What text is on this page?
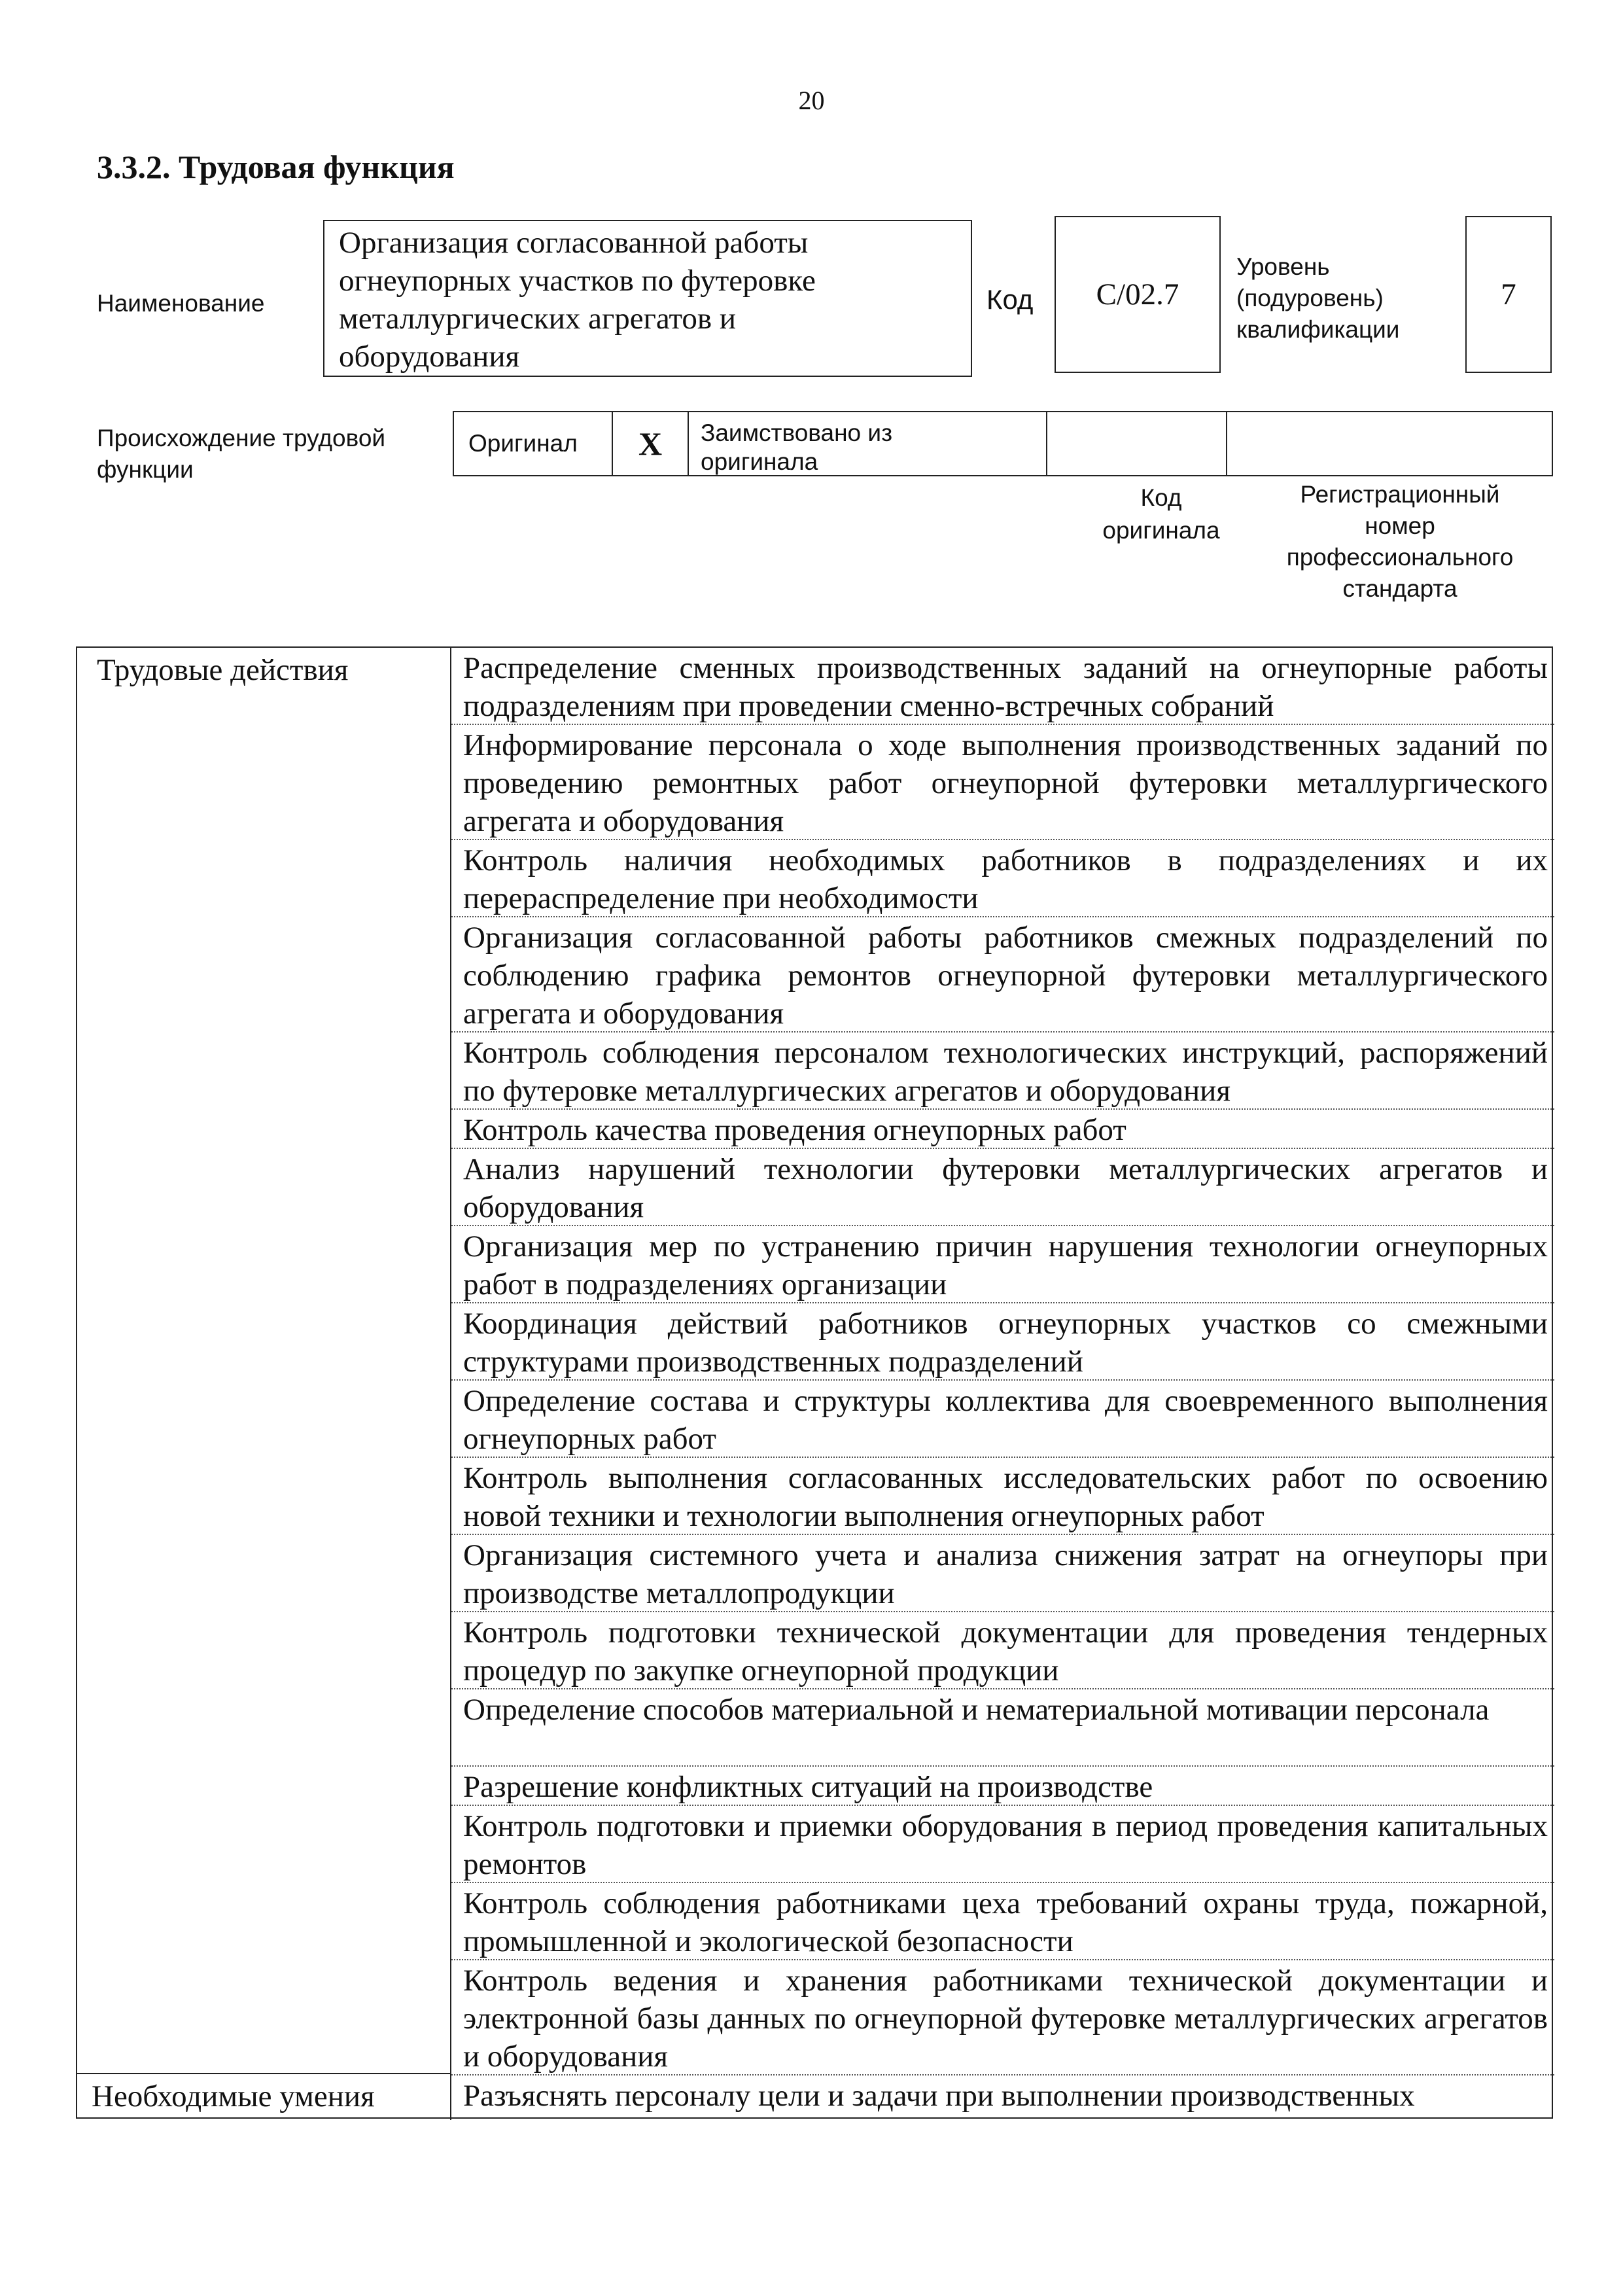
20
3.3.2. Трудовая функция
Наименование
Организация согласованной работы
огнеупорных участков по футеровке
металлургических агрегатов и
оборудования
Код С/02.7
Уровень
(подуровень)
квалификации
7
Происхождение трудовой
функции
Оригинал Х Заимствовано из
оригинала
Код
оригинала
Регистрационный
номер
профессионального
стандарта
Трудовые действия
Необходимые умения
Распределение сменных производственных заданий на огнеупорные работы подразделениям при проведении сменно-встречных собраний
Информирование персонала о ходе выполнения производственных заданий по проведению ремонтных работ огнеупорной футеровки металлургического агрегата и оборудования
Контроль наличия необходимых работников в подразделениях и их перераспределение при необходимости
Организация согласованной работы работников смежных подразделений по соблюдению графика ремонтов огнеупорной футеровки металлургического агрегата и оборудования
Контроль соблюдения персоналом технологических инструкций, распоряжений по футеровке металлургических агрегатов и оборудования
Контроль качества проведения огнеупорных работ
Анализ нарушений технологии футеровки металлургических агрегатов и оборудования
Организация мер по устранению причин нарушения технологии огнеупорных работ в подразделениях организации
Координация действий работников огнеупорных участков со смежными структурами производственных подразделений
Определение состава и структуры коллектива для своевременного выполнения огнеупорных работ
Контроль выполнения согласованных исследовательских работ по освоению новой техники и технологии выполнения огнеупорных работ
Организация системного учета и анализа снижения затрат на огнеупоры при производстве металлопродукции
Контроль подготовки технической документации для проведения тендерных процедур по закупке огнеупорной продукции
Определение способов материальной и нематериальной мотивации персонала
Разрешение конфликтных ситуаций на производстве
Контроль подготовки и приемки оборудования в период проведения капитальных ремонтов
Контроль соблюдения работниками цеха требований охраны труда, пожарной, промышленной и экологической безопасности
Контроль ведения и хранения работниками технической документации и электронной базы данных по огнеупорной футеровке металлургических агрегатов и оборудования
Разъяснять персоналу цели и задачи при выполнении производственных
